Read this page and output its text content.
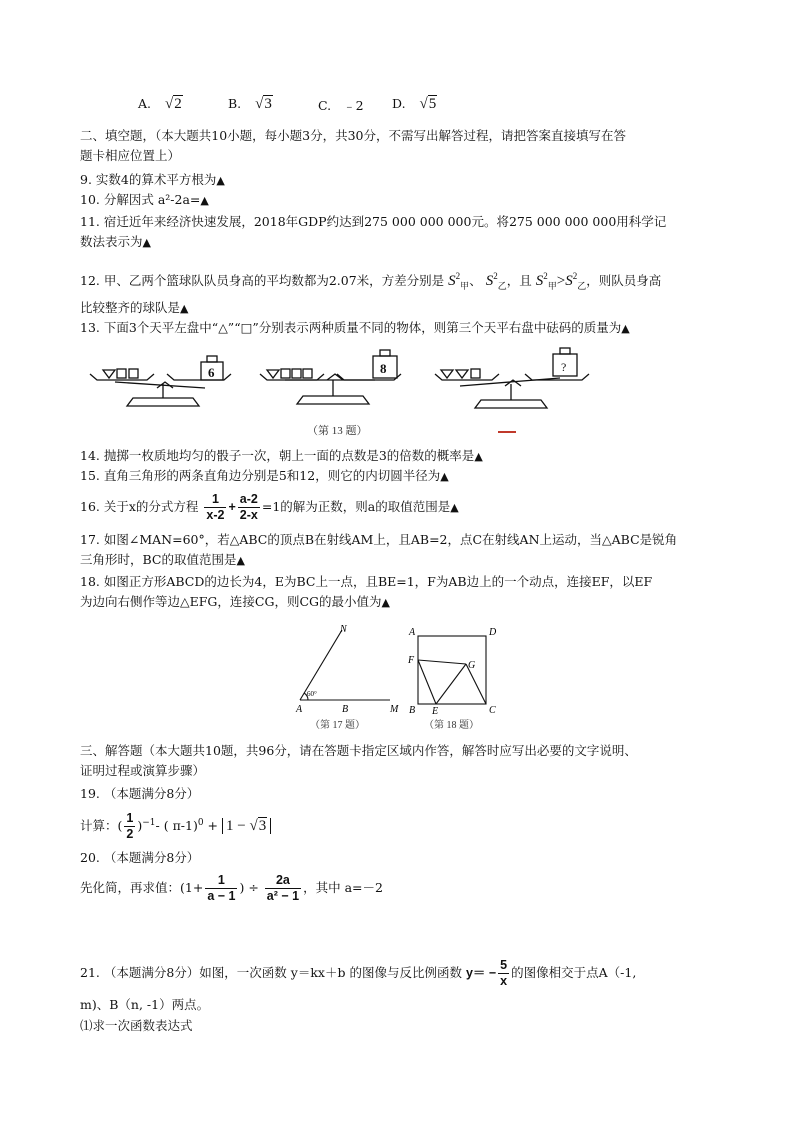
A. √2	B. √3	C. ﹣2 D. √5
二、填空题，（本大题共10小题，每小题3分，共30分，不需写出解答过程，请把答案直接填写在答
题卡相应位置上）
9. 实数4的算术平方根为▲
10. 分解因式 a²-2a=▲
11. 宿迁近年来经济快速发展，2018年GDP约达到275 000 000 000元。将275 000 000 000用科学记
数法表示为▲
12. 甲、乙两个篮球队队员身高的平均数都为2.07米，方差分别是 $S^2_甲$、 $S^2_乙$，且 $S^2_甲>S^2_乙$，则队员身高
比较整齐的球队是▲
13. 下面3个天平左盘中“△”“□”分别表示两种质量不同的物体，则第三个天平右盘中砝码的质量为▲
6	8	?
（第 13 题）
14. 抛掷一枚质地均匀的骰子一次，朝上一面的点数是3的倍数的概率是▲
15. 直角三角形的两条直角边分别是5和12，则它的内切圆半径为▲
16. 关于x的分式方程 $\frac{1}{x-2} + \frac{a-2}{2-x} =1$的解为正数，则a的取值范围是▲
17. 如图∠MAN=60°，若△ABC的顶点B在射线AM上，且AB=2，点C在射线AN上运动，当△ABC是锐角
三角形时，BC的取值范围是▲
18. 如图正方形ABCD的边长为4，E为BC上一点，且BE=1，F为AB边上的一个动点，连接EF，以EF
为边向右侧作等边△EFG，连接CG，则CG的最小值为▲
N
A	B	M
60°
（第 17 题）
A	D
F	G
B E	C
（第 18 题）
三、解答题（本大题共10题，共96分，请在答题卡指定区域内作答，解答时应写出必要的文字说明、
证明过程或演算步骤）
19. （本题满分8分）
计算：( $\frac{1}{2} )^{-1}-$ ( π-1)$^0$ + 1 − √3
20. （本题满分8分）
先化简，再求值：($1+ \frac{1}{a - 1}$ ) ÷ $\frac{2a}{\text{a² − 1}}$ ，其中 a=－2
21. （本题满分8分）如图，一次函数 y＝kx＋b 的图像与反比例函数 $y= - \frac{5}{x}$ 的图像相交于点A（-1,
m)、B（n, -1）两点。
⑴求一次函数表达式
